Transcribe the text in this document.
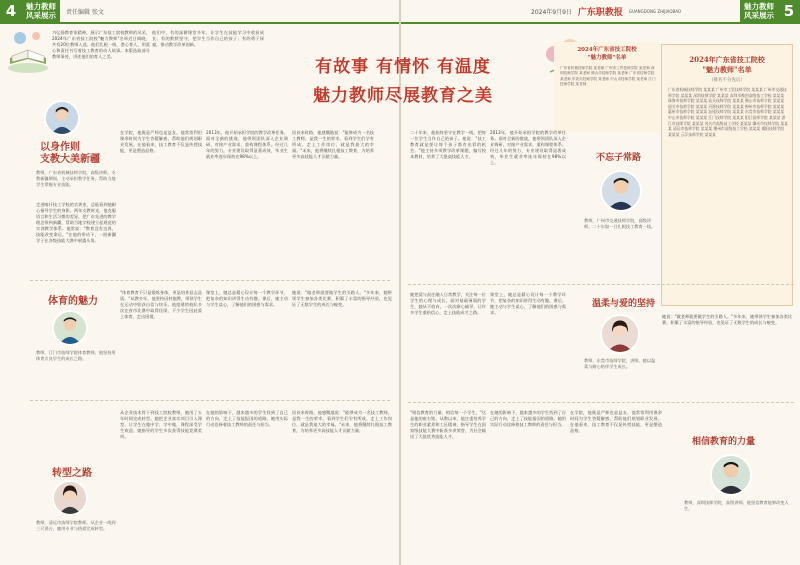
4	魅力教师
风采展示 责任编辑 张文	2024年9月9日 广东职教报 GUANGDONG ZHIJIAOBAO	魅力教师
风采展示 5
为弘扬教育家精神，展示广东技工院校教师的风采，2024年广东省技工院校"魅力教师"名单近日揭晓，共有20位教师入选。他们扎根一线、潜心育人，用爱心和责任书写着技工教育的动人故事。本版选取部分教师事迹，讲述他们的育人之美。
他们中，有的深耕课堂多年，让学生在技能学习中收获成长；有的默默坚守，把学生当作自己的孩子；有的勇于探索，推动教学改革创新。
有故事 有情怀 有温度
魅力教师尽展教育之美
2024年广东省技工院校
"魅力教师"名单
广东省机械技师学院 某老师 广州市工贸技师学院 某老师 深圳技师学院 某老师 佛山市技师学院 某老师 广东省技师学院 某老师 东莞市技师学院 某老师 中山市技师学院 某老师 江门技师学院 某老师
2024年广东省技工院校
"魅力教师"名单
（排名不分先后）
广东省机械技师学院 某某某 广州市工贸技师学院 某某某 广州市交通技师学院 某某某 深圳技师学院 某某某 深圳市携创高级技工学校 某某某 珠海市技师学院 某某某 汕头技师学院 某某某 佛山市技师学院 某某某 韶关市技师学院 某某某 河源技师学院 某某某 梅州市技师学院 某某某 惠州市技师学院 某某某 汕尾技师学院 某某某 东莞市技师学院 某某某 中山市技师学院 某某某 江门技师学院 某某某 阳江技师学院 某某某 湛江市技师学院 某某某 茂名市高级技工学校 某某某 肇庆市技师学院 某某某 清远市技师学院 某某某 潮州市高级技工学校 某某某 揭阳技师学院 某某某 云浮技师学院 某某某
以身作则
支教大美新疆
教师，广东省机械技师学院，高级讲师。支教新疆期间，主动承担教学任务，帮助当地学生掌握专业技能。
走进喀什技工学校的实训室，总能看到他耐心指导学生的身影。两年支教时光，他克服语言和生活习惯的差异，把广东先进的教学理念带到新疆，帮助当地学校建立起规范的实训教学体系。他常说："教育没有边界，技能改变命运。"在他的带动下，一批新疆学子在各级技能大赛中崭露头角。
在学院，他既是严师也是益友。他常常利用课余时间为学生答疑解惑，帮助他们规划职业发展。在他看来，技工教育不仅是传授技能，更是塑造品格。
2013年，他开始承担学院的教学改革任务。面对全新的挑战，他带领团队深入企业调研，对接产业需求，重构课程体系。经过几年的努力，专业建设取得显著成效，毕业生就业率连年保持在98%以上。
回首来时路，他感慨地说："能够成为一名技工教师，是我一生的荣幸。看到学生们学有所成、走上工作岗位，就是我最大的幸福。"未来，他将继续扎根技工教育，为培养更多高技能人才贡献力量。
体育的魅力
教师，江门市技师学院体育教师。他坚持用体育点亮学生的成长之路。
"体育教育不只是锻炼身体，更是培养意志品质。"从教多年，他坚持因材施教，带领学生在运动中收获自信与快乐。他组建的校队多次在省市比赛中取得佳绩，不少学生因此爱上体育、走出困境。
课堂上，她总是精心设计每一个教学环节，把复杂的知识讲得生动有趣。课后，她主动与学生谈心，了解他们的困惑与需求。
她说："做老师就要做学生的引路人。"多年来，她带领学生参加各类比赛，积累了丰富的指导经验，也见证了无数学生的成长与蜕变。
转型之路
教师，清远市技师学院教师。从企业一线到三尺讲台，她用专业与热爱完成转型。
从企业技术骨干到技工院校教师，她用了五年时间完成转型。她把企业真实项目引入课堂，让学生在做中学、学中做，课程深受学生欢迎。她指导的学生多次获得技能竞赛奖项。
在她的影响下，越来越多的学生找到了自己的方向，走上了技能报国的道路。她用实际行动诠释着技工教师的责任与担当。
回首来时路，他感慨地说："能够成为一名技工教师，是我一生的荣幸。看到学生们学有所成、走上工作岗位，就是我最大的幸福。"未来，他将继续扎根技工教育，为培养更多高技能人才贡献力量。
二十年来，他始终坚守在教学一线，把每一位学生当作自己的孩子。他说："技工教育就是要让每个孩子都有出彩的机会。"他主持多项教学改革课题，编写校本教材，培养了大批高技能人才。
2013年，他开始承担学院的教学改革任务。面对全新的挑战，他带领团队深入企业调研，对接产业需求，重构课程体系。经过几年的努力，专业建设取得显著成效，毕业生就业率连年保持在98%以上。	不忘子常路
教师，广州市交通技师学院，高级讲师。二十年如一日扎根技工教育一线。
她把爱与责任融入日常教学，关注每一位学生的心理与成长。面对基础薄弱的学生，她从不放弃，一次次耐心辅导，让许多学生重拾信心，走上技能成才之路。
课堂上，她总是精心设计每一个教学环节，把复杂的知识讲得生动有趣。课后，她主动与学生谈心，了解他们的困惑与需求。
温柔与爱的坚持
教师，东莞市技师学院，讲师。她以温柔与耐心陪伴学生成长。
她说："做老师就要做学生的引路人。"多年来，她带领学生参加各类比赛，积累了丰富的指导经验，也见证了无数学生的成长与蜕变。
"相信教育的力量，相信每一个学生。"这是他的座右铭。从教以来，他注重培养学生的职业素养和工匠精神，指导学生在国家级技能大赛中斩获多项荣誉，为社会输送了大批优秀技能人才。
在她的影响下，越来越多的学生找到了自己的方向，走上了技能报国的道路。她用实际行动诠释着技工教师的责任与担当。
在学院，他既是严师也是益友。他常常利用课余时间为学生答疑解惑，帮助他们规划职业发展。在他看来，技工教育不仅是传授技能，更是塑造品格。
相信教育的力量
教师，深圳技师学院，高级讲师。他坚信教育能够改变人生。
